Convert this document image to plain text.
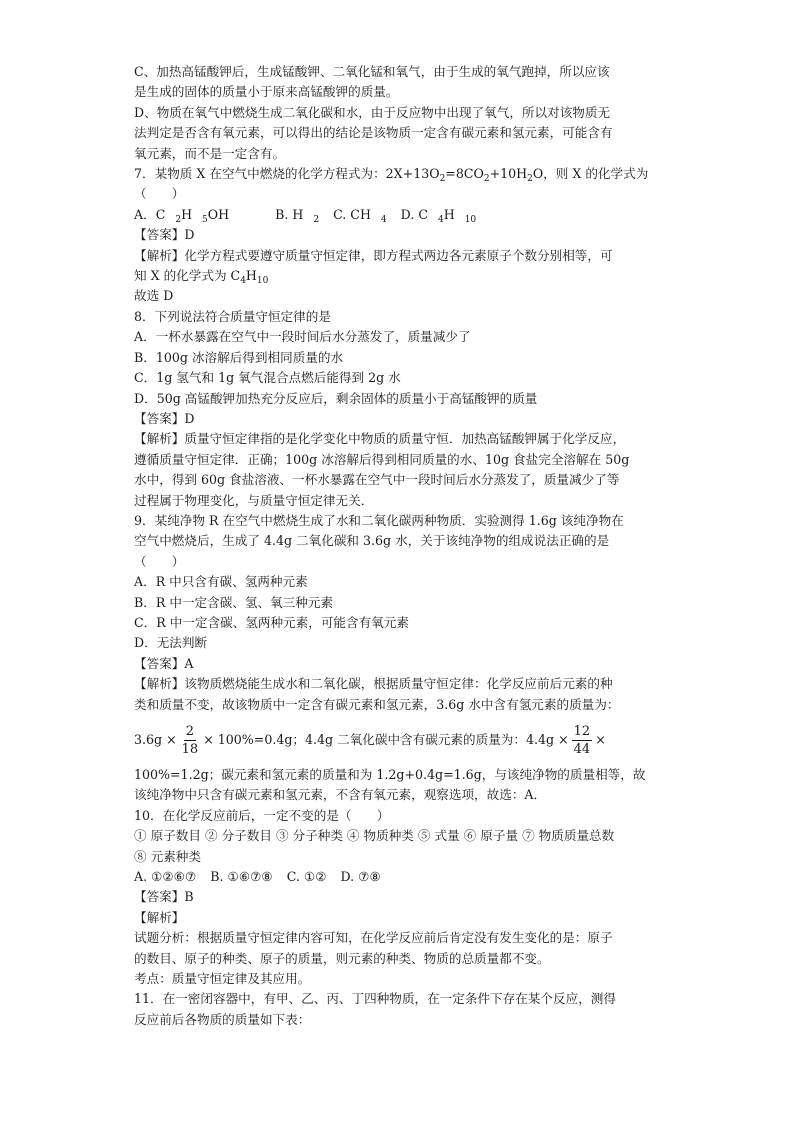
C、加热高锰酸钾后，生成锰酸钾、二氧化锰和氧气，由于生成的氧气跑掉，所以应该
是生成的固体的质量小于原来高锰酸钾的质量。
D、物质在氧气中燃烧生成二氧化碳和水，由于反应物中出现了氧气，所以对该物质无
法判定是否含有氧元素，可以得出的结论是该物质一定含有碳元素和氢元素，可能含有
氧元素，而不是一定含有。
7．某物质 X 在空气中燃烧的化学方程式为：$2X+13O_2=8CO_2+10H_2O$，则 X 的化学式为
（　　）
A．C $_2$H $_5$OH	B. H $_2$ C. CH $_4$ D. C $_4$H $_{10}$
【答案】D
【解析】化学方程式要遵守质量守恒定律，即方程式两边各元素原子个数分别相等，可
知 X 的化学式为 $C_4H_{10}$
故选 D
8．下列说法符合质量守恒定律的是
A．一杯水暴露在空气中一段时间后水分蒸发了，质量减少了
B．100g 冰溶解后得到相同质量的水
C．1g 氢气和 1g 氧气混合点燃后能得到 2g 水
D．50g 高锰酸钾加热充分反应后，剩余固体的质量小于高锰酸钾的质量
【答案】D
【解析】质量守恒定律指的是化学变化中物质的质量守恒．加热高锰酸钾属于化学反应，
遵循质量守恒定律．正确；100g 冰溶解后得到相同质量的水、10g 食盐完全溶解在 50g
水中，得到 60g 食盐溶液、一杯水暴露在空气中一段时间后水分蒸发了，质量减少了等
过程属于物理变化，与质量守恒定律无关．
9．某纯净物 R 在空气中燃烧生成了水和二氧化碳两种物质．实验测得 1.6g 该纯净物在
空气中燃烧后，生成了 4.4g 二氧化碳和 3.6g 水，关于该纯净物的组成说法正确的是
（　　）
A．R 中只含有碳、氢两种元素
B．R 中一定含碳、氢、氧三种元素
C．R 中一定含碳、氢两种元素，可能含有氧元素
D．无法判断
【答案】A
【解析】该物质燃烧能生成水和二氧化碳，根据质量守恒定律：化学反应前后元素的种
类和质量不变，故该物质中一定含有碳元素和氢元素，3.6g 水中含有氢元素的质量为：
$3.6g \times \frac{2}{18} \times 100\%=0.4g$；4.4g 二氧化碳中含有碳元素的质量为：$4.4g \times \frac{12}{44}$ ×
100%=1.2g；碳元素和氢元素的质量和为 1.2g+0.4g=1.6g，与该纯净物的质量相等，故
该纯净物中只含有碳元素和氢元素，不含有氧元素，观察选项，故选：A．
10．在化学反应前后，一定不变的是（　　）
① 原子数目 ② 分子数目 ③ 分子种类 ④ 物质种类 ⑤ 式量 ⑥ 原子量 ⑦ 物质质量总数
⑧ 元素种类
A. ①②⑥⑦ B. ①⑥⑦⑧ C. ①② D. ⑦⑧
【答案】B
【解析】
试题分析：根据质量守恒定律内容可知，在化学反应前后肯定没有发生变化的是：原子
的数目、原子的种类、原子的质量，则元素的种类、物质的总质量都不变。
考点：质量守恒定律及其应用。
11．在一密闭容器中，有甲、乙、丙、丁四种物质，在一定条件下存在某个反应，测得
反应前后各物质的质量如下表：
